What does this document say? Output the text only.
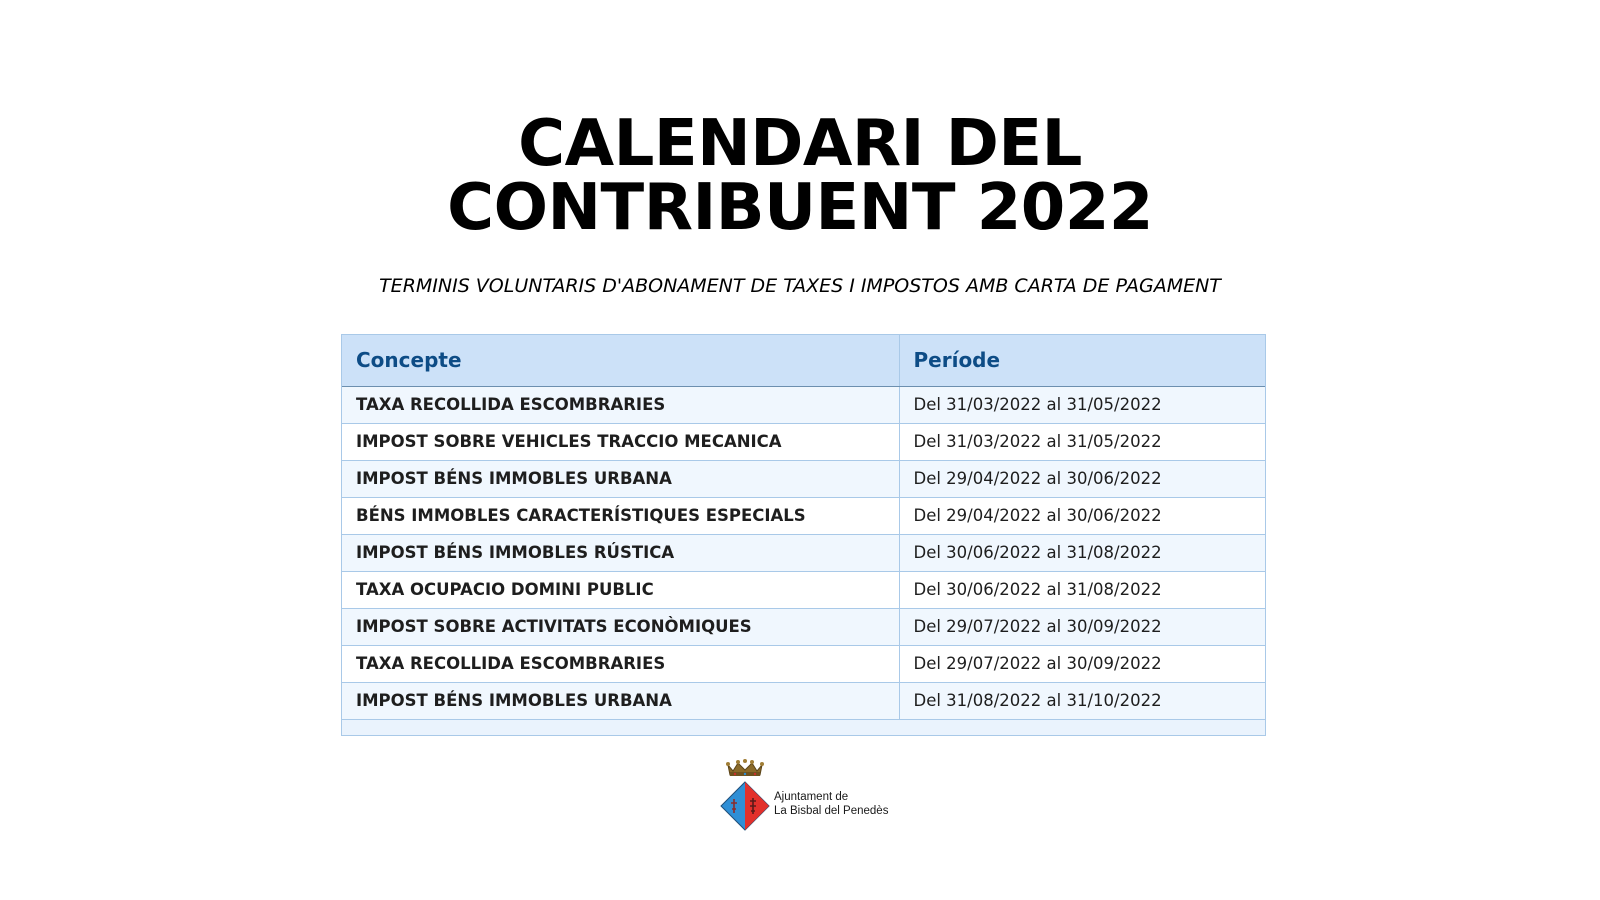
CALENDARI DEL
CONTRIBUENT 2022

TERMINIS VOLUNTARIS D'ABONAMENT DE TAXES I IMPOSTOS AMB CARTA DE PAGAMENT

Concepte	Període
TAXA RECOLLIDA ESCOMBRARIES	Del 31/03/2022 al 31/05/2022
IMPOST SOBRE VEHICLES TRACCIO MECANICA	Del 31/03/2022 al 31/05/2022
IMPOST BÉNS IMMOBLES URBANA	Del 29/04/2022 al 30/06/2022
BÉNS IMMOBLES CARACTERÍSTIQUES ESPECIALS	Del 29/04/2022 al 30/06/2022
IMPOST BÉNS IMMOBLES RÚSTICA	Del 30/06/2022 al 31/08/2022
TAXA OCUPACIO DOMINI PUBLIC	Del 30/06/2022 al 31/08/2022
IMPOST SOBRE ACTIVITATS ECONÒMIQUES	Del 29/07/2022 al 30/09/2022
TAXA RECOLLIDA ESCOMBRARIES	Del 29/07/2022 al 30/09/2022
IMPOST BÉNS IMMOBLES URBANA	Del 31/08/2022 al 31/10/2022
Ajuntament de
La Bisbal del Penedès
